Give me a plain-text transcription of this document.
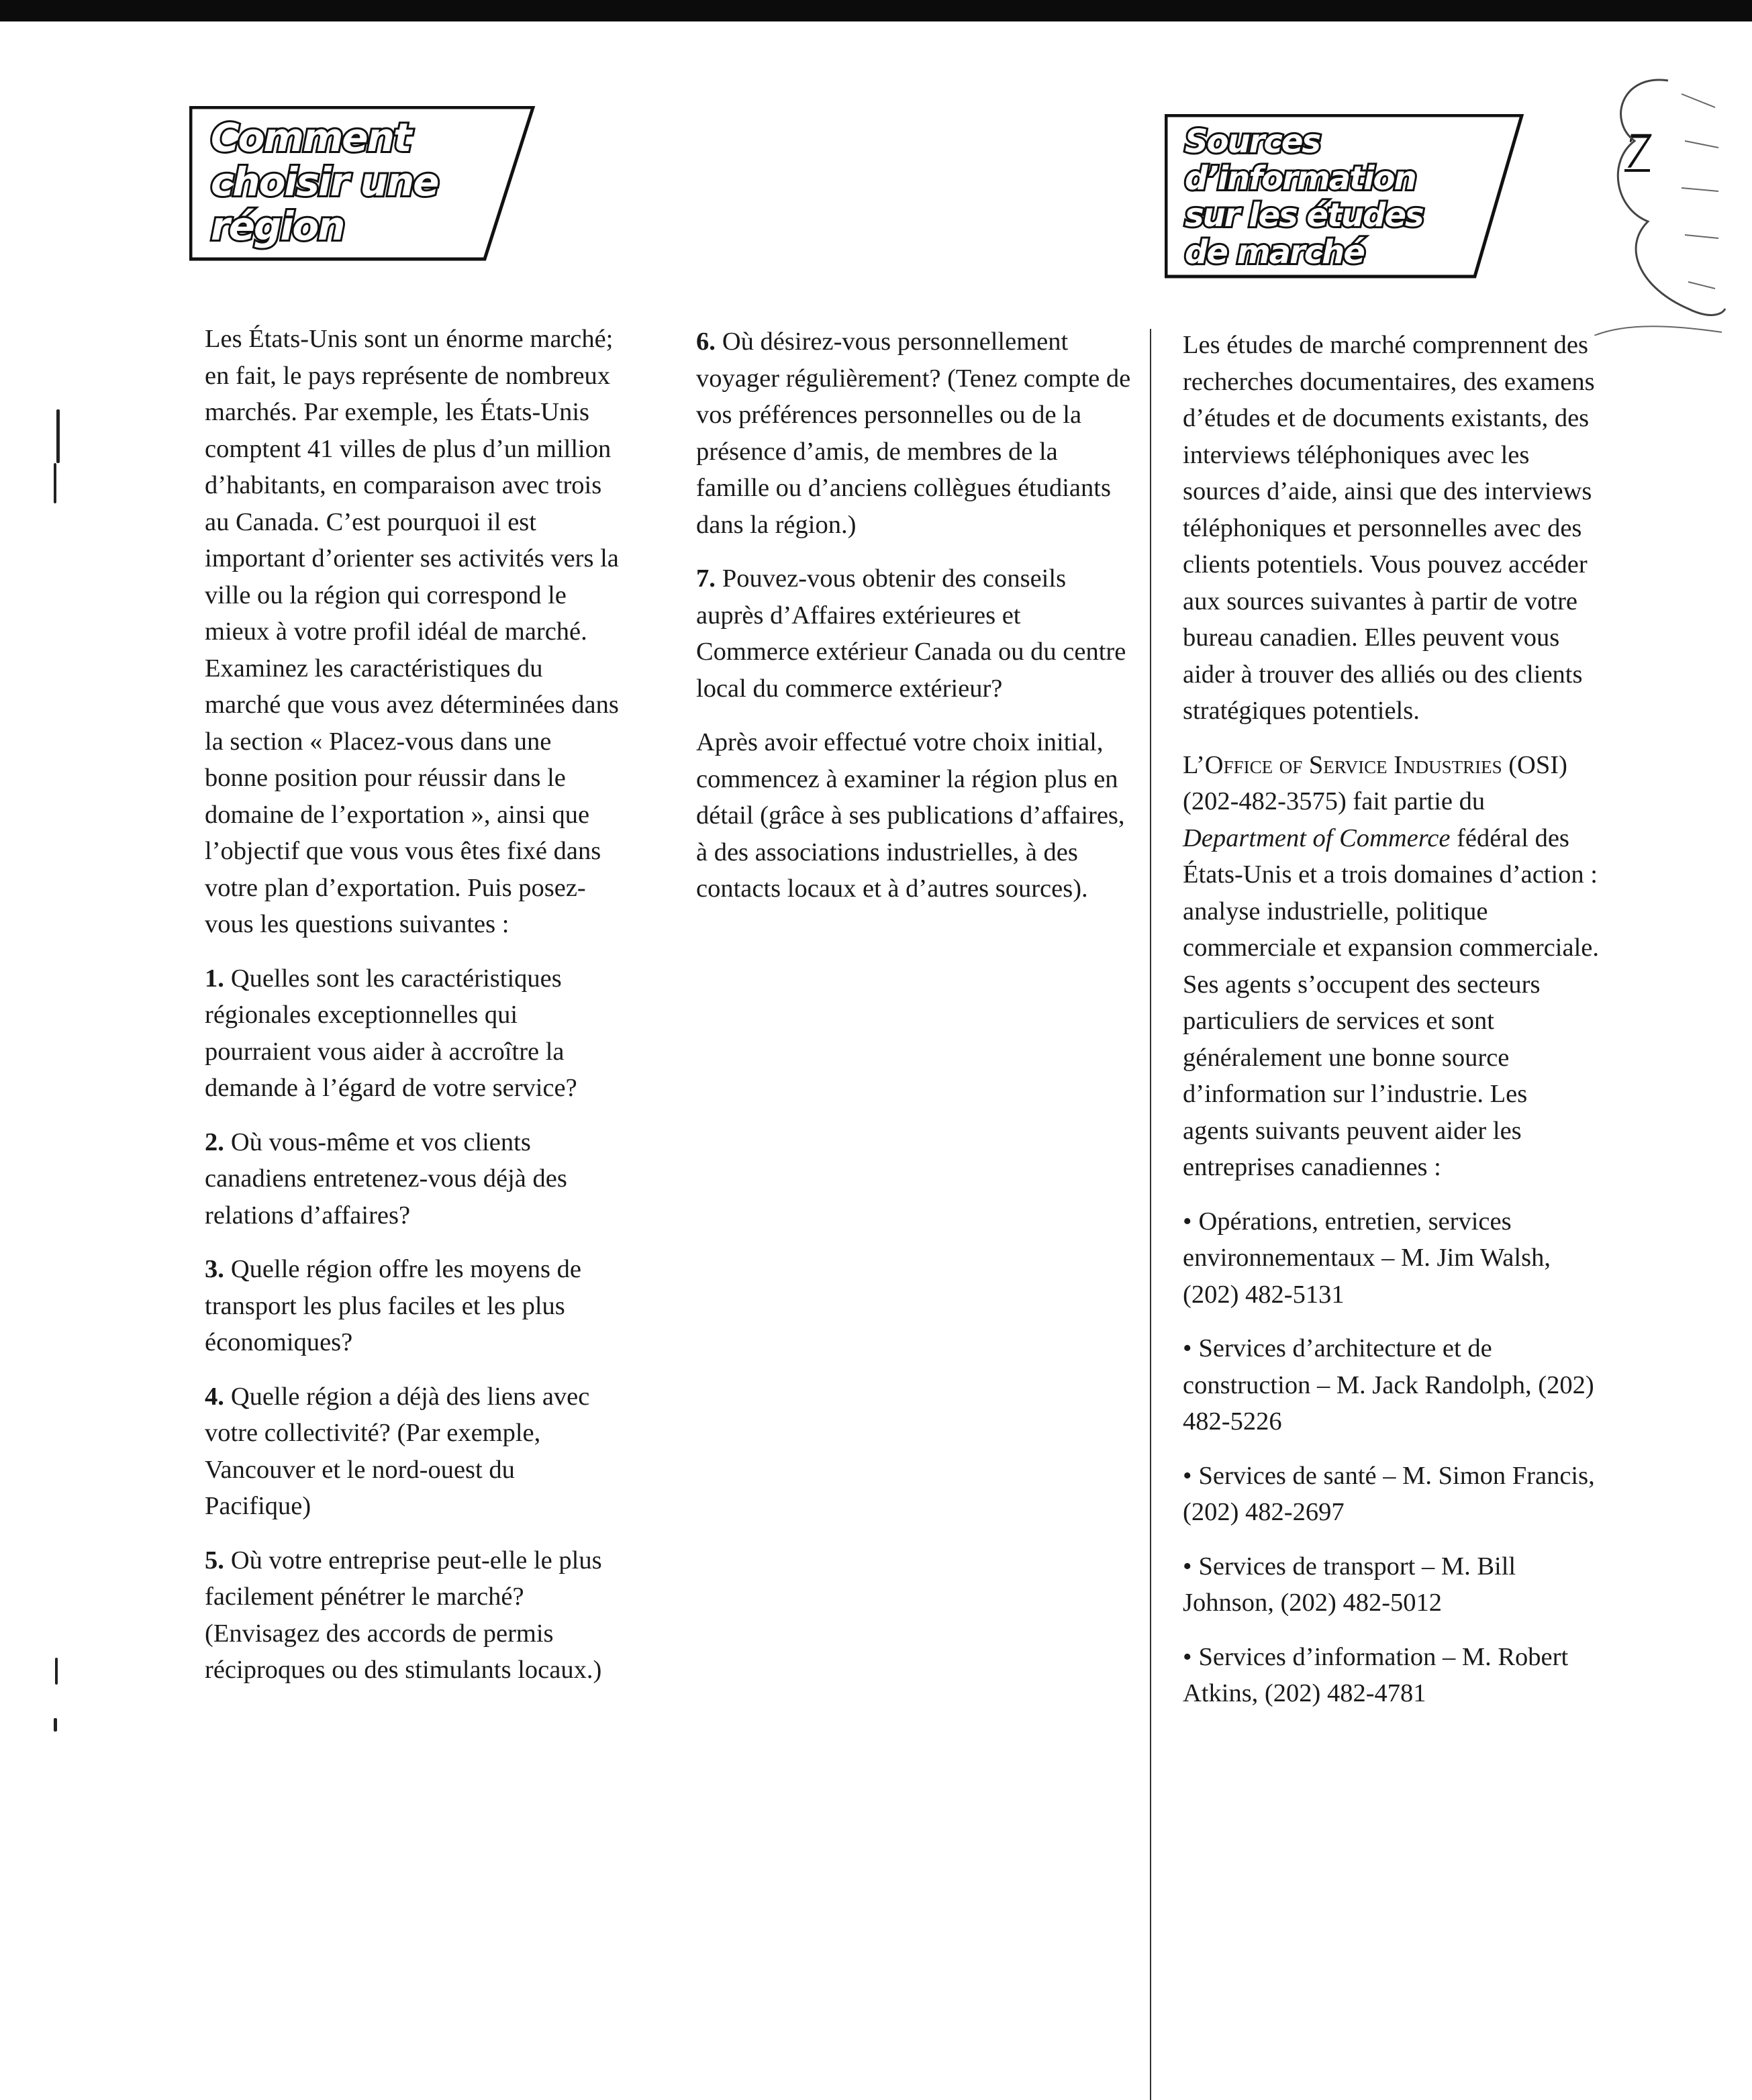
Comment
choisir une
région
Sources
d’information
sur les études
de marché

7

Les États-Unis sont un énorme marché; en fait, le pays représente de nombreux marchés. Par exemple, les États-Unis comptent 41 villes de plus d’un million d’habitants, en comparaison avec trois au Canada. C’est pourquoi il est important d’orienter ses activités vers la ville ou la région qui correspond le mieux à votre profil idéal de marché. Examinez les caractéristiques du marché que vous avez déterminées dans la section « Placez-vous dans une bonne position pour réussir dans le domaine de l’exportation », ainsi que l’objectif que vous vous êtes fixé dans votre plan d’exportation. Puis posez-vous les questions suivantes :

1. Quelles sont les caractéristiques régionales exceptionnelles qui pourraient vous aider à accroître la demande à l’égard de votre service?

2. Où vous-même et vos clients canadiens entretenez-vous déjà des relations d’affaires?

3. Quelle région offre les moyens de transport les plus faciles et les plus économiques?

4. Quelle région a déjà des liens avec votre collectivité? (Par exemple, Vancouver et le nord-ouest du Pacifique)

5. Où votre entreprise peut-elle le plus facilement pénétrer le marché? (Envisagez des accords de permis réciproques ou des stimulants locaux.)

6. Où désirez-vous personnellement voyager régulièrement? (Tenez compte de vos préférences personnelles ou de la présence d’amis, de membres de la famille ou d’anciens collègues étudiants dans la région.)

7. Pouvez-vous obtenir des conseils auprès d’Affaires extérieures et Commerce extérieur Canada ou du centre local du commerce extérieur?

Après avoir effectué votre choix initial, commencez à examiner la région plus en détail (grâce à ses publications d’affaires, à des associations industrielles, à des contacts locaux et à d’autres sources).

Les études de marché comprennent des recherches documentaires, des examens d’études et de documents existants, des interviews téléphoniques avec les sources d’aide, ainsi que des interviews téléphoniques et personnelles avec des clients potentiels. Vous pouvez accéder aux sources suivantes à partir de votre bureau canadien. Elles peuvent vous aider à trouver des alliés ou des clients stratégiques potentiels.

L’Office of Service Industries (OSI) (202-482-3575) fait partie du Department of Commerce fédéral des États-Unis et a trois domaines d’action : analyse industrielle, politique commerciale et expansion commerciale. Ses agents s’occupent des secteurs particuliers de services et sont généralement une bonne source d’information sur l’industrie. Les agents suivants peuvent aider les entreprises canadiennes :

• Opérations, entretien, services environnementaux – M. Jim Walsh, (202) 482-5131
• Services d’architecture et de construction – M. Jack Randolph, (202) 482-5226
• Services de santé – M. Simon Francis, (202) 482-2697
• Services de transport – M. Bill Johnson, (202) 482-5012
• Services d’information – M. Robert Atkins, (202) 482-4781
